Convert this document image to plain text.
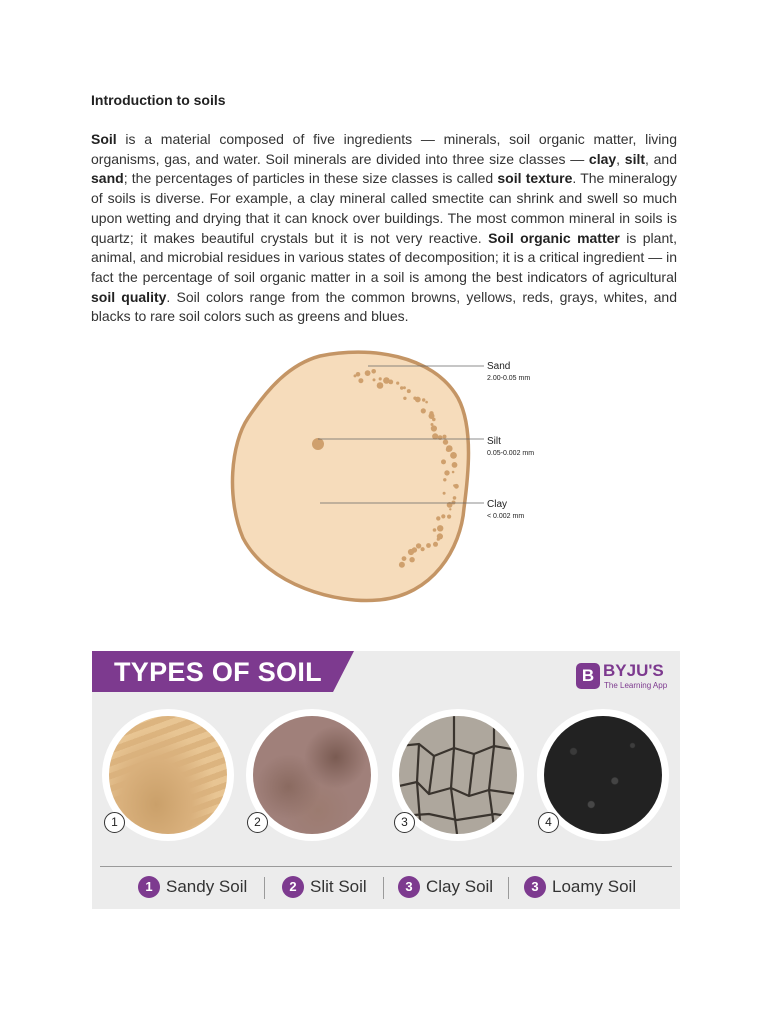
Introduction to soils
Soil is a material composed of five ingredients — minerals, soil organic matter, living organisms, gas, and water. Soil minerals are divided into three size classes — clay, silt, and sand; the percentages of particles in these size classes is called soil texture. The mineralogy of soils is diverse. For example, a clay mineral called smectite can shrink and swell so much upon wetting and drying that it can knock over buildings. The most common mineral in soils is quartz; it makes beautiful crystals but it is not very reactive. Soil organic matter is plant, animal, and microbial residues in various states of decomposition; it is a critical ingredient — in fact the percentage of soil organic matter in a soil is among the best indicators of agricultural soil quality. Soil colors range from the common browns, yellows, reds, grays, whites, and blacks to rare soil colors such as greens and blues.
Sand
2.00-0.05 mm
Silt
0.05-0.002 mm
Clay
< 0.002 mm
TYPES OF SOIL	B BYJU'S
The Learning App
1	2	3	4
1 Sandy Soil	2 Slit Soil	3 Clay Soil	3 Loamy Soil
